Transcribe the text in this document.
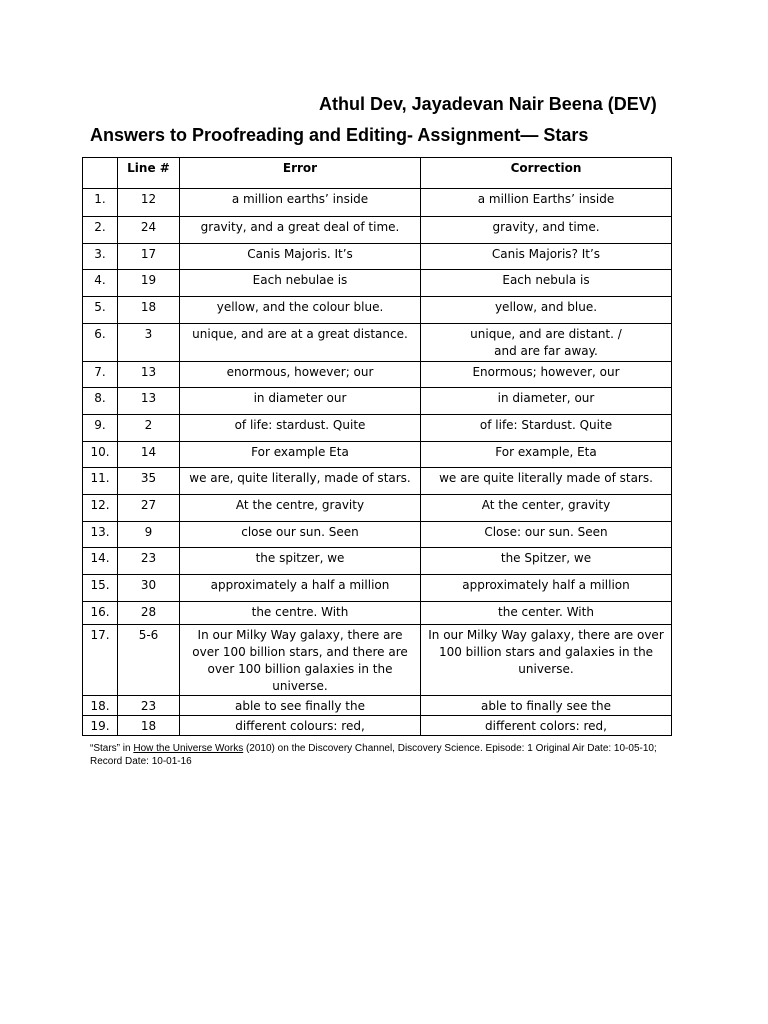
Athul Dev, Jayadevan Nair Beena (DEV)
Answers to Proofreading and Editing- Assignment— Stars
	Line #	Error	Correction
1.	12	a million earths’ inside	a million Earths’ inside
2.	24	gravity, and a great deal of time.	gravity, and time.
3.	17	Canis Majoris. It’s	Canis Majoris? It’s
4.	19	Each nebulae is	Each nebula is
5.	18	yellow, and the colour blue.	yellow, and blue.
6.	3	unique, and are at a great distance.	unique, and are distant. /
and are far away.
7.	13	enormous, however; our	Enormous; however, our
8.	13	in diameter our	in diameter, our
9.	2	of life: stardust. Quite	of life: Stardust. Quite
10.	14	For example Eta	For example, Eta
11.	35	we are, quite literally, made of stars.	we are quite literally made of stars.
12.	27	At the centre, gravity	At the center, gravity
13.	9	close our sun. Seen	Close: our sun. Seen
14.	23	the spitzer, we	the Spitzer, we
15.	30	approximately a half a million	approximately half a million
16.	28	the centre. With	the center. With
17.	5-6	In our Milky Way galaxy, there are over 100 billion stars, and there are over 100 billion galaxies in the universe.	In our Milky Way galaxy, there are over 100 billion stars and galaxies in the universe.
18.	23	able to see finally the	able to finally see the
19.	18	different colours: red,	different colors: red,
“Stars” in How the Universe Works (2010) on the Discovery Channel, Discovery Science. Episode: 1 Original Air Date: 10-05-10; Record Date: 10-01-16
